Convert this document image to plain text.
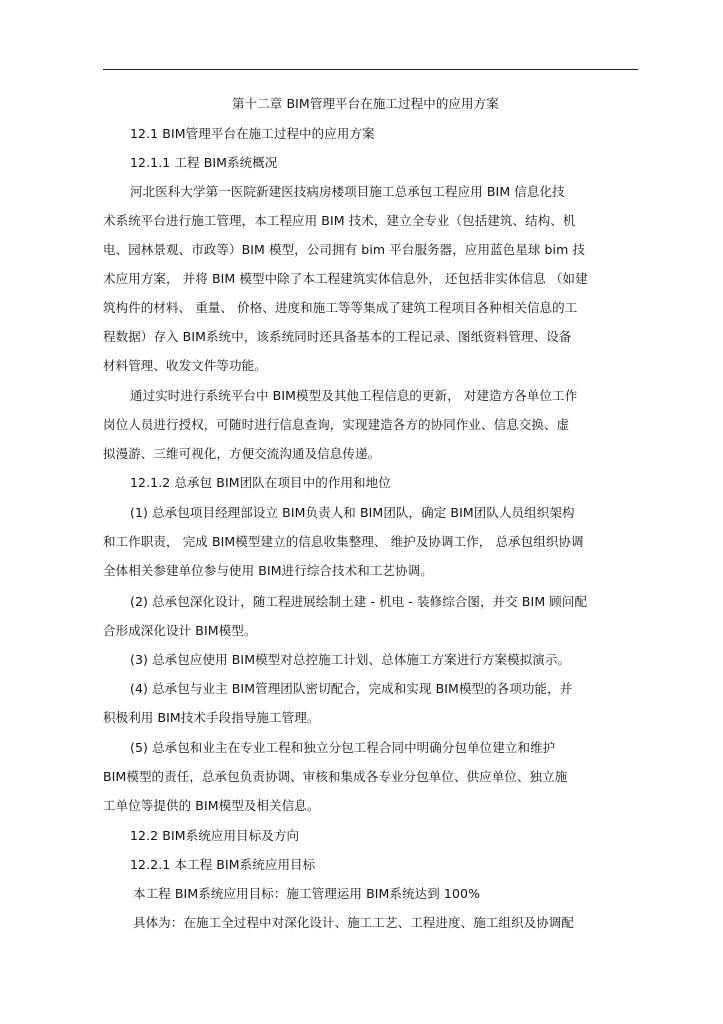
第十二章 BIM管理平台在施工过程中的应用方案
12.1 BIM管理平台在施工过程中的应用方案
12.1.1 工程 BIM系统概况
河北医科大学第一医院新建医技病房楼项目施工总承包工程应用 BIM 信息化技
术系统平台进行施工管理，本工程应用 BIM 技术，建立全专业（包括建筑、结构、机
电、园林景观、市政等）BIM 模型，公司拥有 bim 平台服务器，应用蓝色星球 bim 技
术应用方案， 并将 BIM 模型中除了本工程建筑实体信息外， 还包括非实体信息 （如建
筑构件的材料、 重量、 价格、进度和施工等等集成了建筑工程项目各种相关信息的工
程数据）存入 BIM系统中，该系统同时还具备基本的工程记录、图纸资料管理、设备
材料管理、收发文件等功能。
通过实时进行系统平台中 BIM模型及其他工程信息的更新， 对建造方各单位工作
岗位人员进行授权，可随时进行信息查询，实现建造各方的协同作业、信息交换、虚
拟漫游、三维可视化，方便交流沟通及信息传递。
12.1.2 总承包 BIM团队在项目中的作用和地位
(1) 总承包项目经理部设立 BIM负责人和 BIM团队，确定 BIM团队人员组织架构
和工作职责， 完成 BIM模型建立的信息收集整理、 维护及协调工作， 总承包组织协调
全体相关参建单位参与使用 BIM进行综合技术和工艺协调。
(2) 总承包深化设计，随工程进展绘制土建 - 机电 - 装修综合图，并交 BIM 顾问配
合形成深化设计 BIM模型。
(3) 总承包应使用 BIM模型对总控施工计划、总体施工方案进行方案模拟演示。
(4) 总承包与业主 BIM管理团队密切配合，完成和实现 BIM模型的各项功能，并
积极利用 BIM技术手段指导施工管理。
(5) 总承包和业主在专业工程和独立分包工程合同中明确分包单位建立和维护
BIM模型的责任，总承包负责协调、审核和集成各专业分包单位、供应单位、独立施
工单位等提供的 BIM模型及相关信息。
12.2 BIM系统应用目标及方向
12.2.1 本工程 BIM系统应用目标
本工程 BIM系统应用目标：施工管理运用 BIM系统达到 100%
具体为：在施工全过程中对深化设计、施工工艺、工程进度、施工组织及协调配
